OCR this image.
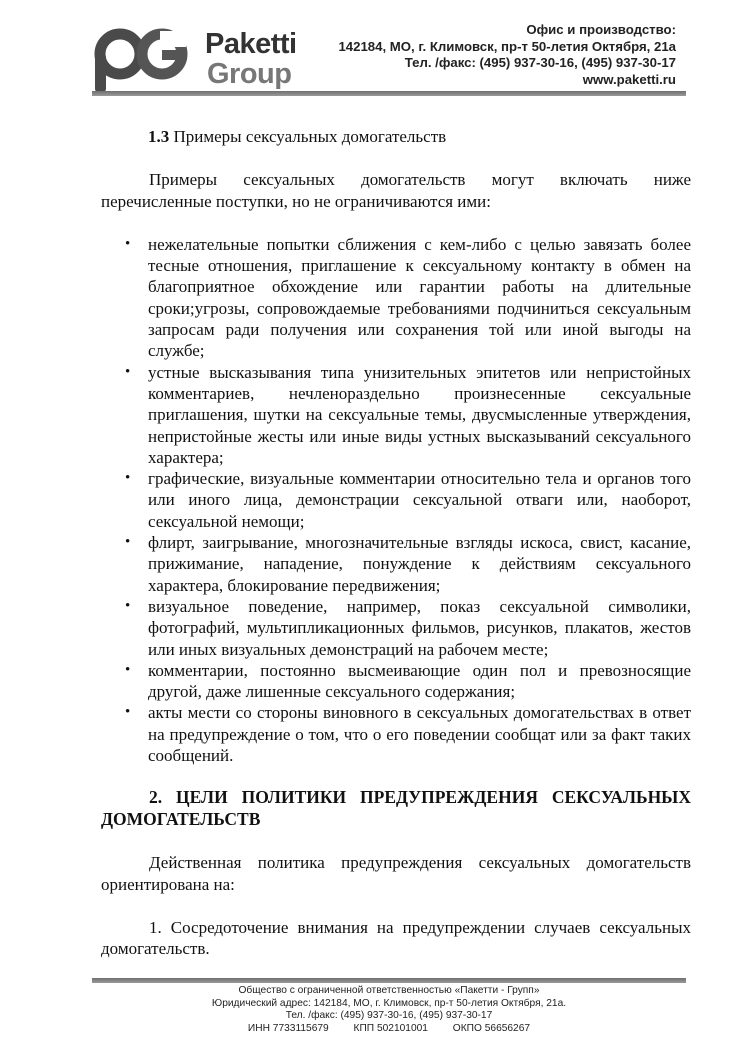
Paketti
Group
Офис и производство:
142184, МО, г. Климовск, пр-т 50-летия Октября, 21а
Тел. /факс: (495) 937-30-16, (495) 937-30-17
www.paketti.ru
1.3 Примеры сексуальных домогательств

Примеры сексуальных домогательств могут включать ниже перечисленные поступки, но не ограничиваются ими:

• нежелательные попытки сближения с кем-либо с целью завязать более тесные отношения, приглашение к сексуальному контакту в обмен на благоприятное обхождение или гарантии работы на длительные сроки;угрозы, сопровождаемые требованиями подчиниться сексуальным запросам ради получения или сохранения той или иной выгоды на службе;
• устные высказывания типа унизительных эпитетов или непристойных комментариев, нечленораздельно произнесенные сексуальные приглашения, шутки на сексуальные темы, двусмысленные утверждения, непристойные жесты или иные виды устных высказываний сексуального характера;
• графические, визуальные комментарии относительно тела и органов того или иного лица, демонстрации сексуальной отваги или, наоборот, сексуальной немощи;
• флирт, заигрывание, многозначительные взгляды искоса, свист, касание, прижимание, нападение, понуждение к действиям сексуального характера, блокирование передвижения;
• визуальное поведение, например, показ сексуальной символики, фотографий, мультипликационных фильмов, рисунков, плакатов, жестов или иных визуальных демонстраций на рабочем месте;
• комментарии, постоянно высмеивающие один пол и превозносящие другой, даже лишенные сексуального содержания;
• акты мести со стороны виновного в сексуальных домогательствах в ответ на предупреждение о том, что о его поведении сообщат или за факт таких сообщений.

2. ЦЕЛИ ПОЛИТИКИ ПРЕДУПРЕЖДЕНИЯ СЕКСУАЛЬНЫХ ДОМОГАТЕЛЬСТВ

Действенная политика предупреждения сексуальных домогательств ориентирована на:

1. Сосредоточение внимания на предупреждении случаев сексуальных домогательств.

Общество с ограниченной ответственностью «Пакетти - Групп»
Юридический адрес: 142184, МО, г. Климовск, пр-т 50-летия Октября, 21а.
Тел. /факс: (495) 937-30-16, (495) 937-30-17
ИНН 7733115679 КПП 502101001 ОКПО 56656267
